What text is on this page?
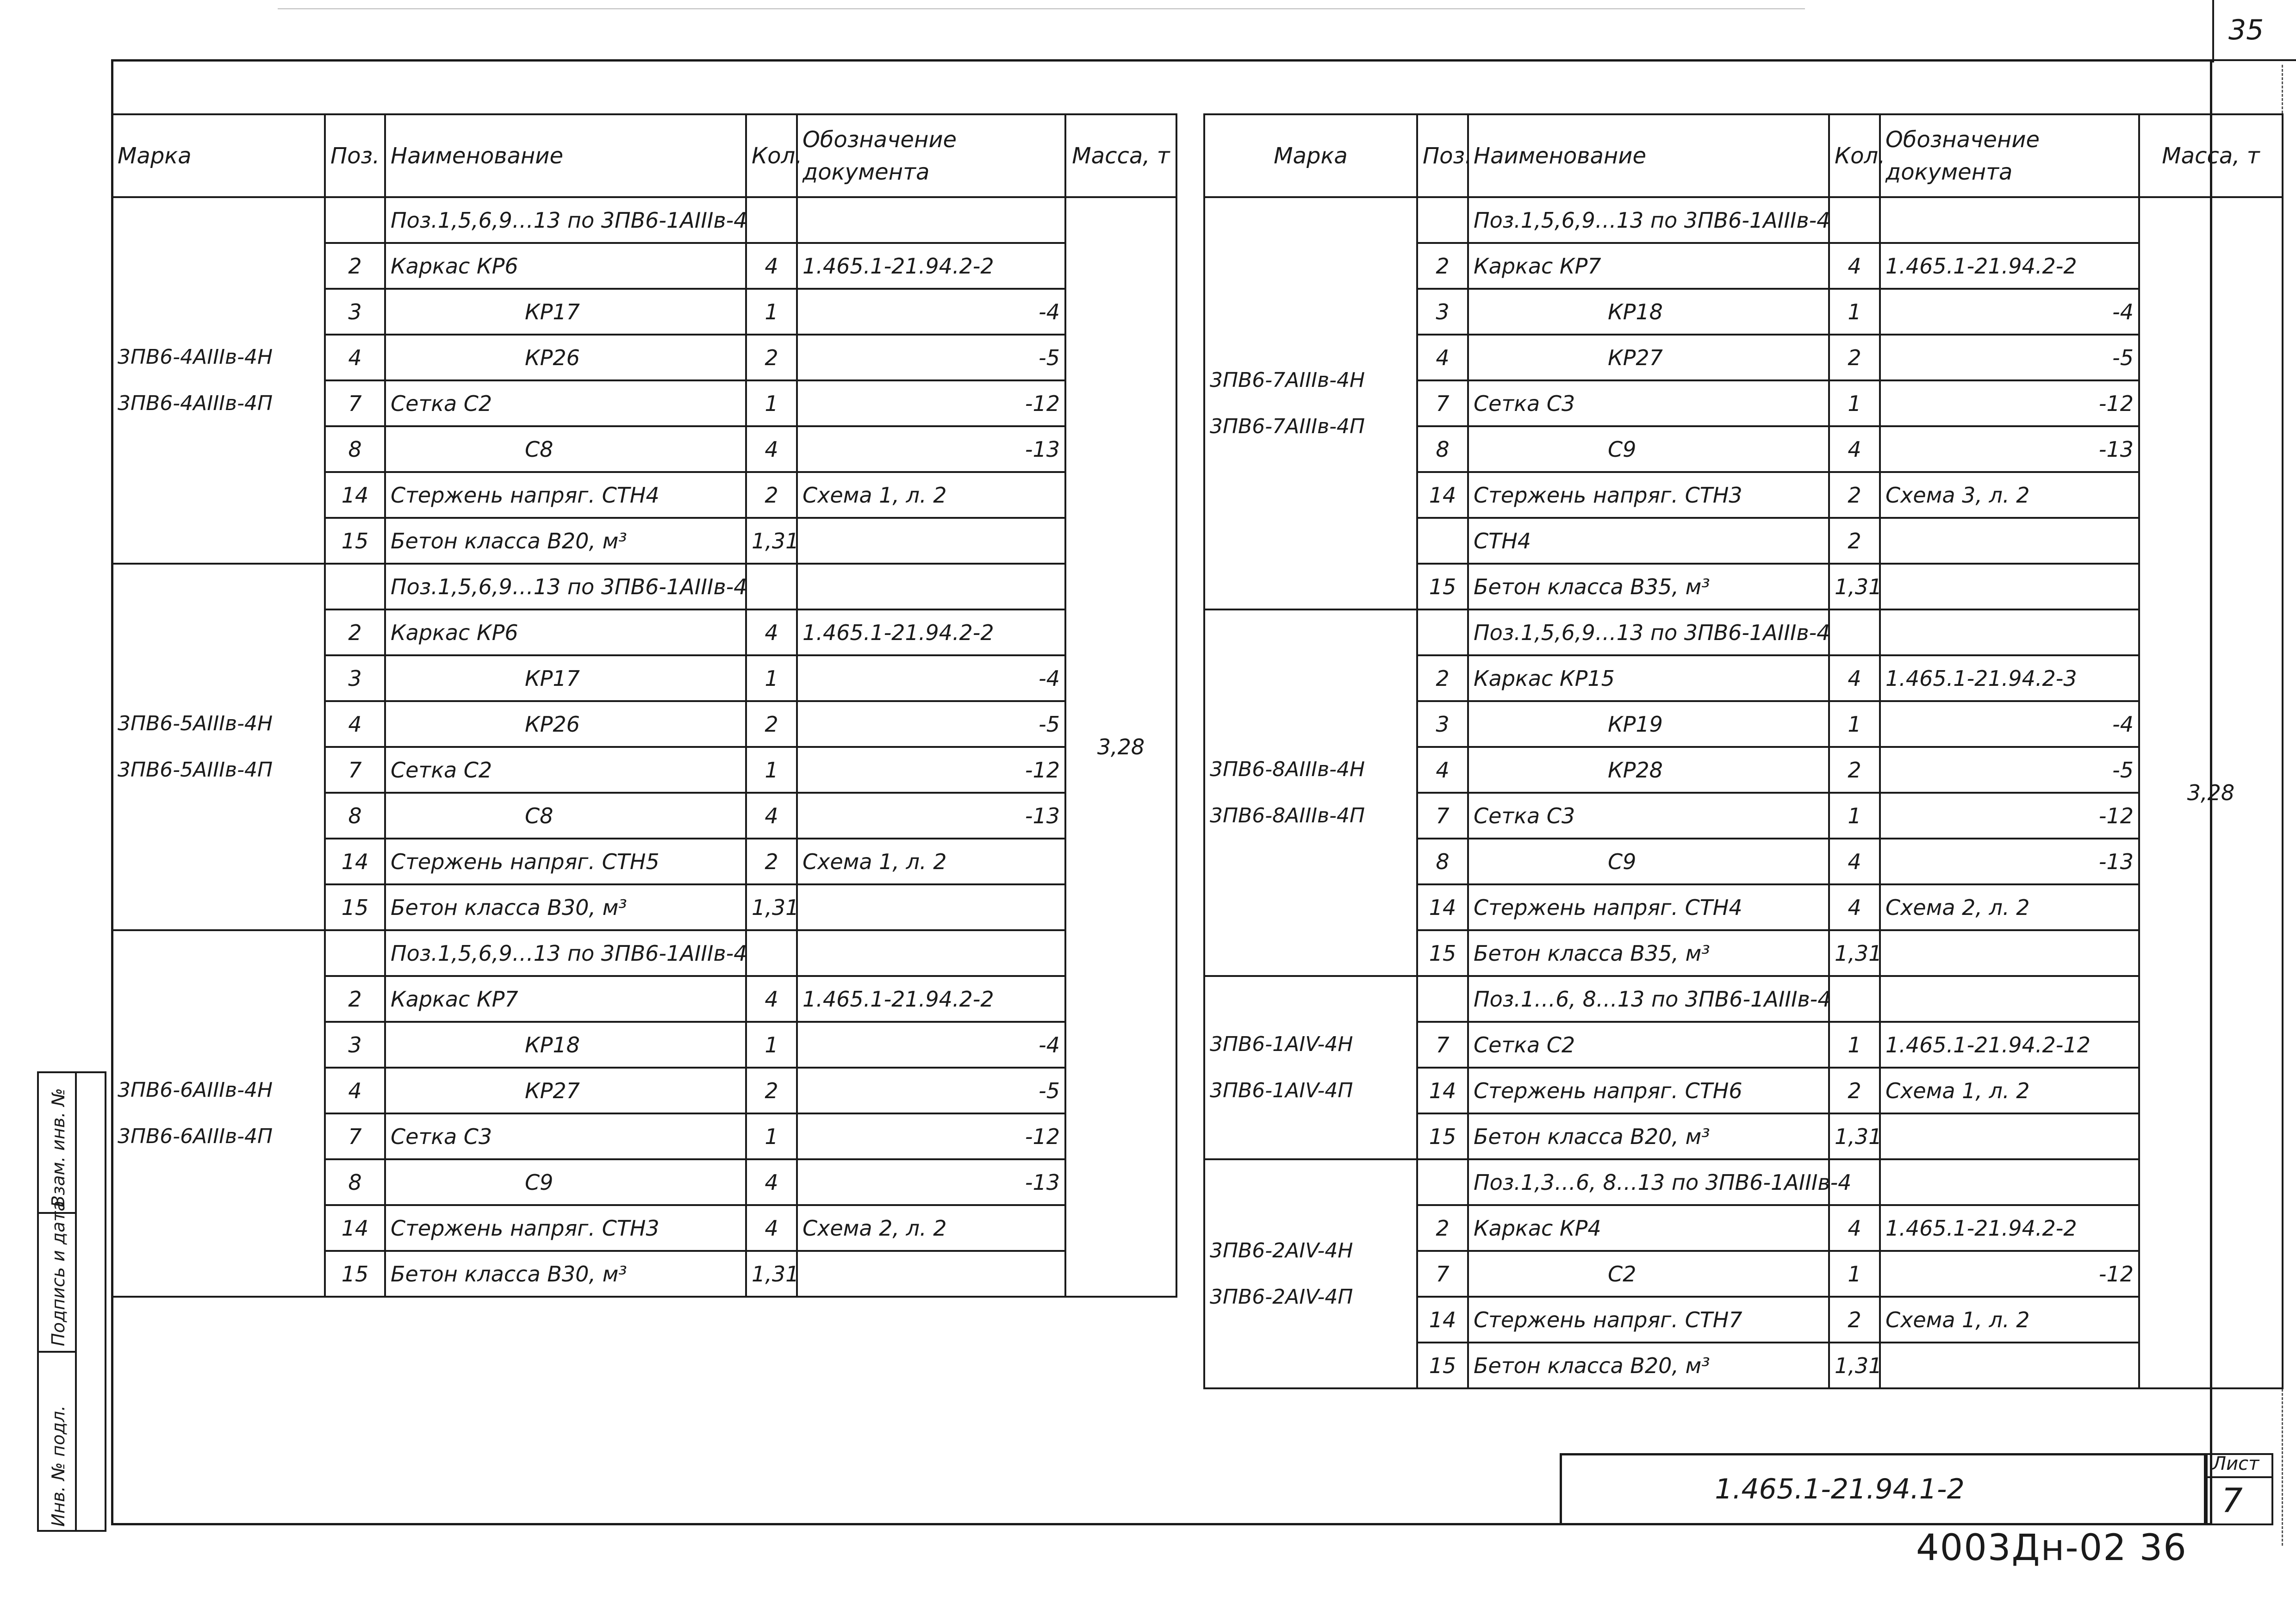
35
Марка	Поз.	Наименование	Кол.	Обозначение документа	Масса, т

3ПВ6-4АIIIв-4Н
3ПВ6-4АIIIв-4П		Поз.1,5,6,9…13 по 3ПВ6-1АIIIв-4			3,28
	2	Каркас КР6	4	1.465.1-21.94.2-2	
	3	КР17	1	-4	
	4	КР26	2	-5	
	7	Сетка С2	1	-12	
	8	С8	4	-13	
	14	Стержень напряг. СТН4	2	Схема 1, л. 2	
	15	Бетон класса В20, м³	1,31		

3ПВ6-5АIIIв-4Н
3ПВ6-5АIIIв-4П		Поз.1,5,6,9…13 по 3ПВ6-1АIIIв-4			
	2	Каркас КР6	4	1.465.1-21.94.2-2	
	3	КР17	1	-4	
	4	КР26	2	-5	
	7	Сетка С2	1	-12	
	8	С8	4	-13	
	14	Стержень напряг. СТН5	2	Схема 1, л. 2	
	15	Бетон класса В30, м³	1,31		

3ПВ6-6АIIIв-4Н
3ПВ6-6АIIIв-4П		Поз.1,5,6,9…13 по 3ПВ6-1АIIIв-4			
	2	Каркас КР7	4	1.465.1-21.94.2-2	
	3	КР18	1	-4	
	4	КР27	2	-5	
	7	Сетка С3	1	-12	
	8	С9	4	-13	
	14	Стержень напряг. СТН3	4	Схема 2, л. 2	
	15	Бетон класса В30, м³	1,31		
Марка	Поз.	Наименование	Кол.	Обозначение документа	Масса, т

3ПВ6-7АIIIв-4Н
3ПВ6-7АIIIв-4П		Поз.1,5,6,9…13 по 3ПВ6-1АIIIв-4			3,28
	2	Каркас КР7	4	1.465.1-21.94.2-2	
	3	КР18	1	-4	
	4	КР27	2	-5	
	7	Сетка С3	1	-12	
	8	С9	4	-13	
	14	Стержень напряг. СТН3	2	Схема 3, л. 2	
		СТН4	2		
	15	Бетон класса В35, м³	1,31		

3ПВ6-8АIIIв-4Н
3ПВ6-8АIIIв-4П		Поз.1,5,6,9…13 по 3ПВ6-1АIIIв-4			
	2	Каркас КР15	4	1.465.1-21.94.2-3	
	3	КР19	1	-4	
	4	КР28	2	-5	
	7	Сетка С3	1	-12	
	8	С9	4	-13	
	14	Стержень напряг. СТН4	4	Схема 2, л. 2	
	15	Бетон класса В35, м³	1,31		

3ПВ6-1АIV-4Н
3ПВ6-1АIV-4П		Поз.1…6, 8…13 по 3ПВ6-1АIIIв-4			
	7	Сетка С2	1	1.465.1-21.94.2-12	
	14	Стержень напряг. СТН6	2	Схема 1, л. 2	
	15	Бетон класса В20, м³	1,31		

3ПВ6-2АIV-4Н
3ПВ6-2АIV-4П		Поз.1,3…6, 8…13 по 3ПВ6-1АIIIв-4			
	2	Каркас КР4	4	1.465.1-21.94.2-2	
	7	С2	1	-12	
	14	Стержень напряг. СТН7	2	Схема 1, л. 2	
	15	Бетон класса В20, м³	1,31		
Инв. № подл.
Подпись и дата
Взам. инв. №
1.465.1-21.94.1-2
Лист
7
4003Дн-02 36
